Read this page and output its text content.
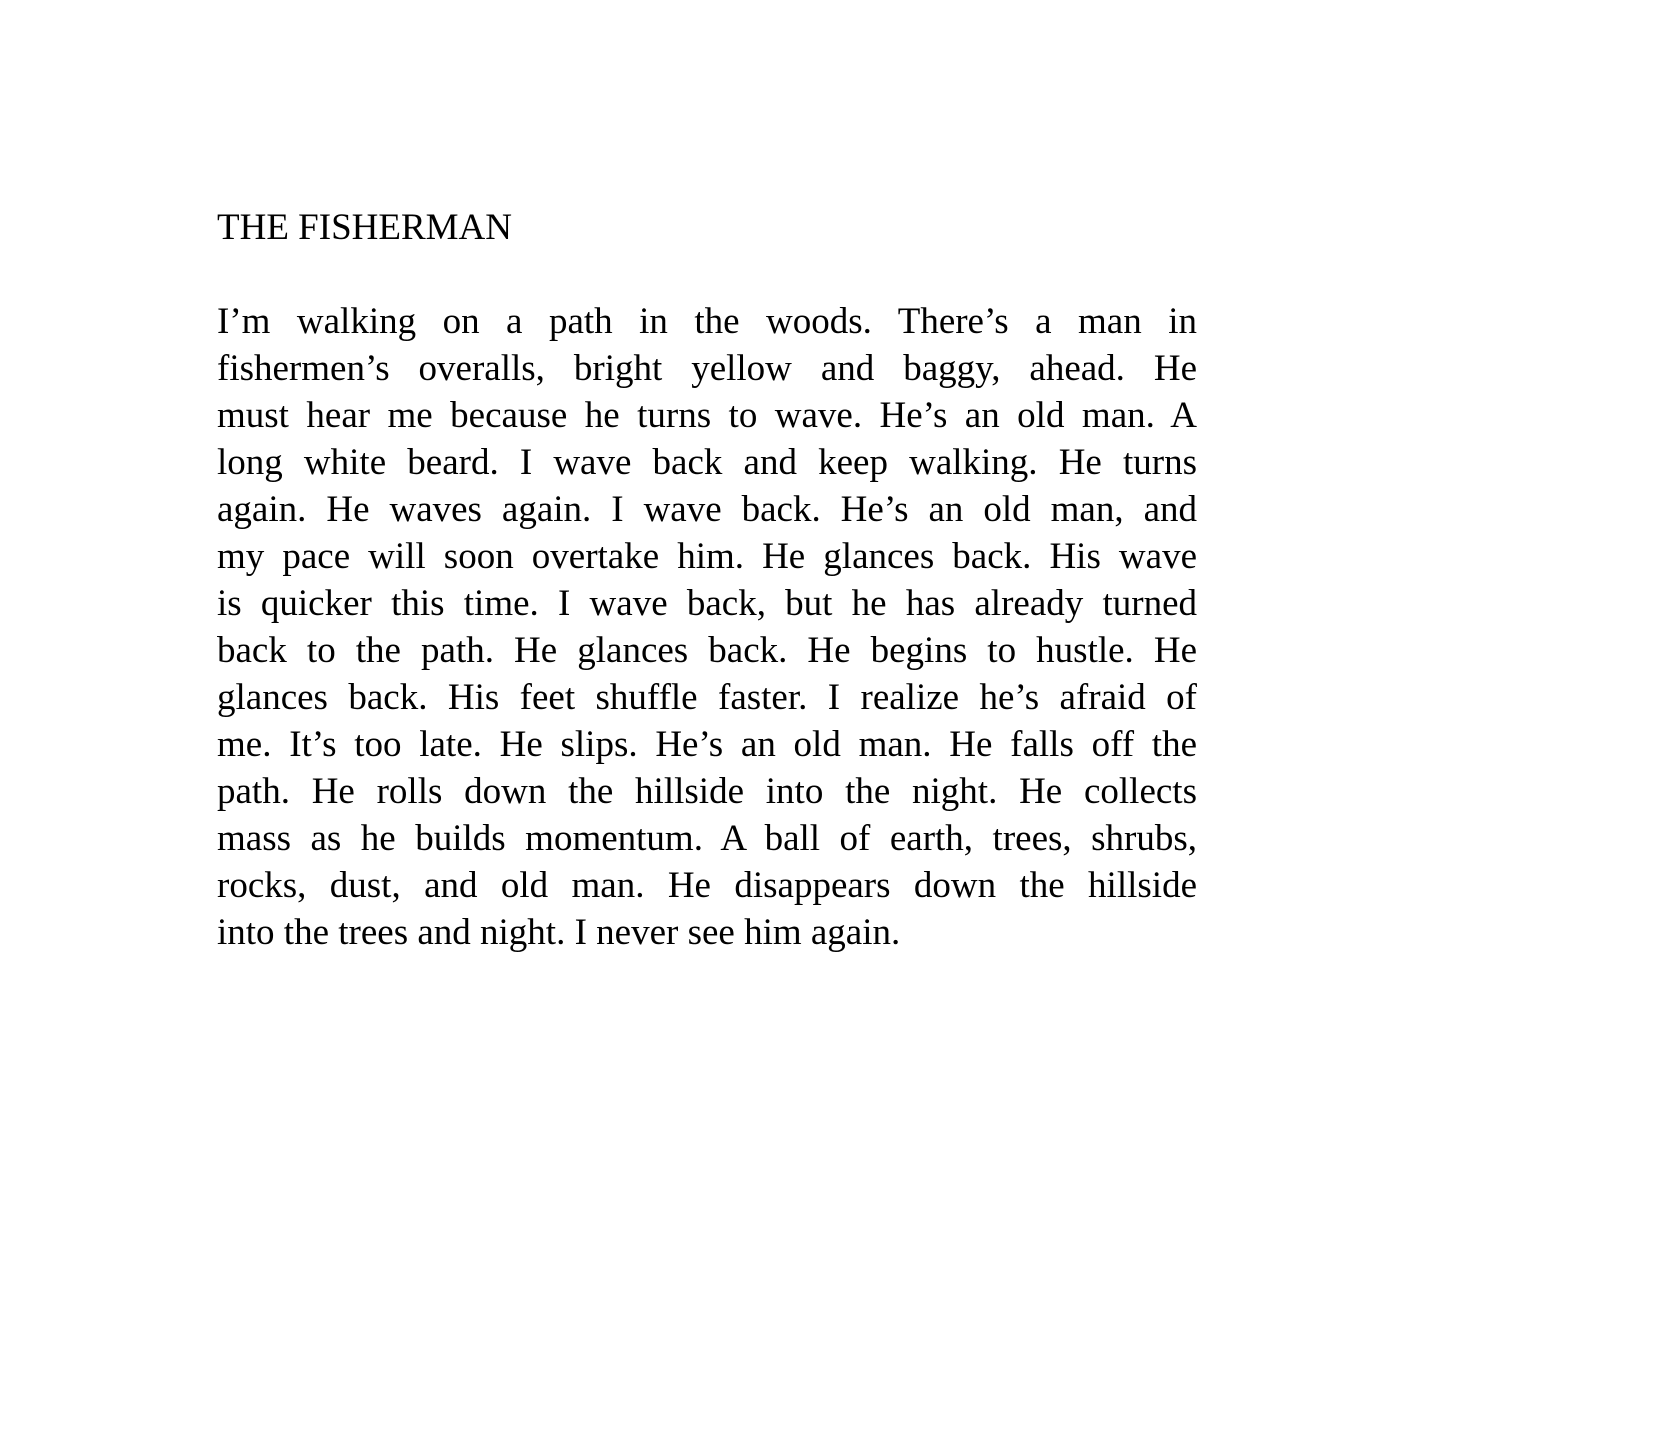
THE FISHERMAN
I’m walking on a path in the woods. There’s a man in
fishermen’s overalls, bright yellow and baggy, ahead. He
must hear me because he turns to wave. He’s an old man. A
long white beard. I wave back and keep walking. He turns
again. He waves again. I wave back. He’s an old man, and
my pace will soon overtake him. He glances back. His wave
is quicker this time. I wave back, but he has already turned
back to the path. He glances back. He begins to hustle. He
glances back. His feet shuffle faster. I realize he’s afraid of
me. It’s too late. He slips. He’s an old man. He falls off the
path. He rolls down the hillside into the night. He collects
mass as he builds momentum. A ball of earth, trees, shrubs,
rocks, dust, and old man. He disappears down the hillside
into the trees and night. I never see him again.
